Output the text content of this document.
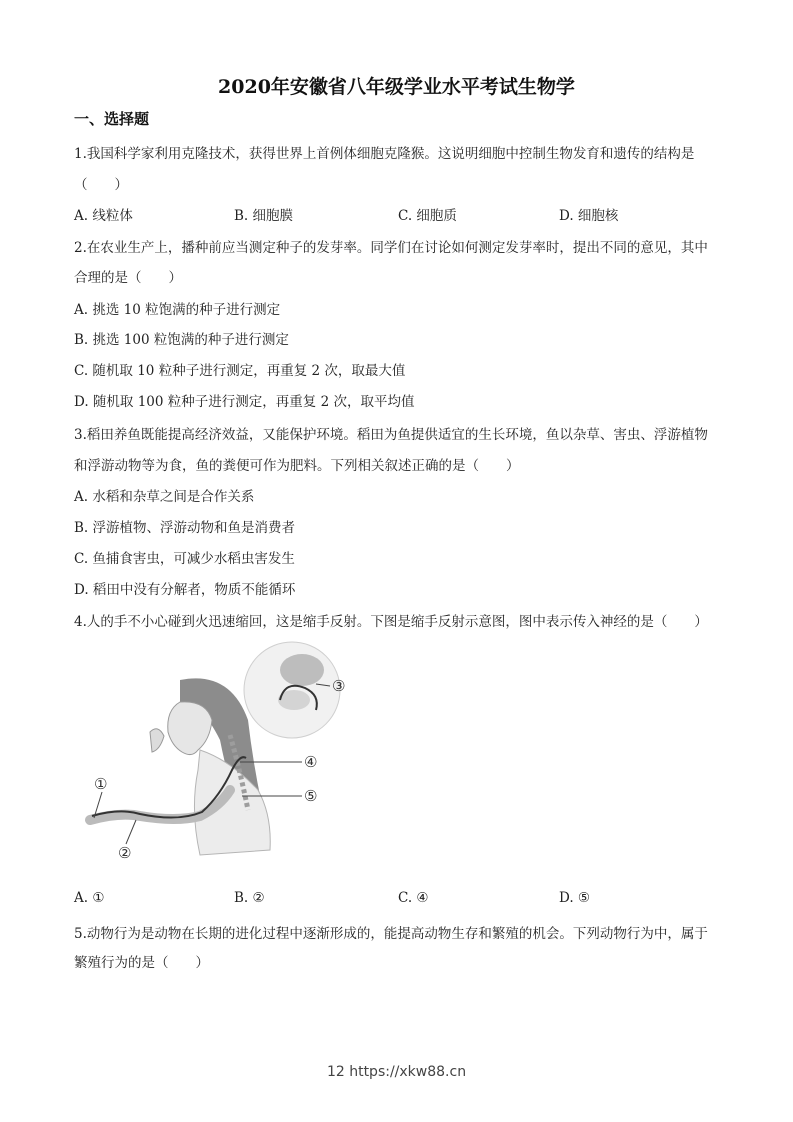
2020年安徽省八年级学业水平考试生物学
一、选择题
1.我国科学家利用克隆技术，获得世界上首例体细胞克隆猴。这说明细胞中控制生物发育和遗传的结构是
（　　）
A. 线粒体	B. 细胞膜	C. 细胞质	D. 细胞核
2.在农业生产上，播种前应当测定种子的发芽率。同学们在讨论如何测定发芽率时，提出不同的意见，其中
合理的是（　　）
A. 挑选 10 粒饱满的种子进行测定
B. 挑选 100 粒饱满的种子进行测定
C. 随机取 10 粒种子进行测定，再重复 2 次，取最大值
D. 随机取 100 粒种子进行测定，再重复 2 次，取平均值
3.稻田养鱼既能提高经济效益，又能保护环境。稻田为鱼提供适宜的生长环境，鱼以杂草、害虫、浮游植物
和浮游动物等为食，鱼的粪便可作为肥料。下列相关叙述正确的是（　　）
A. 水稻和杂草之间是合作关系
B. 浮游植物、浮游动物和鱼是消费者
C. 鱼捕食害虫，可减少水稻虫害发生
D. 稻田中没有分解者，物质不能循环
4.人的手不小心碰到火迅速缩回，这是缩手反射。下图是缩手反射示意图，图中表示传入神经的是（　　）
①
②
③
④
⑤
A. ①	B. ②	C. ④	D. ⑤
5.动物行为是动物在长期的进化过程中逐渐形成的，能提高动物生存和繁殖的机会。下列动物行为中，属于
繁殖行为的是（　　）
12 https://xkw88.cn
